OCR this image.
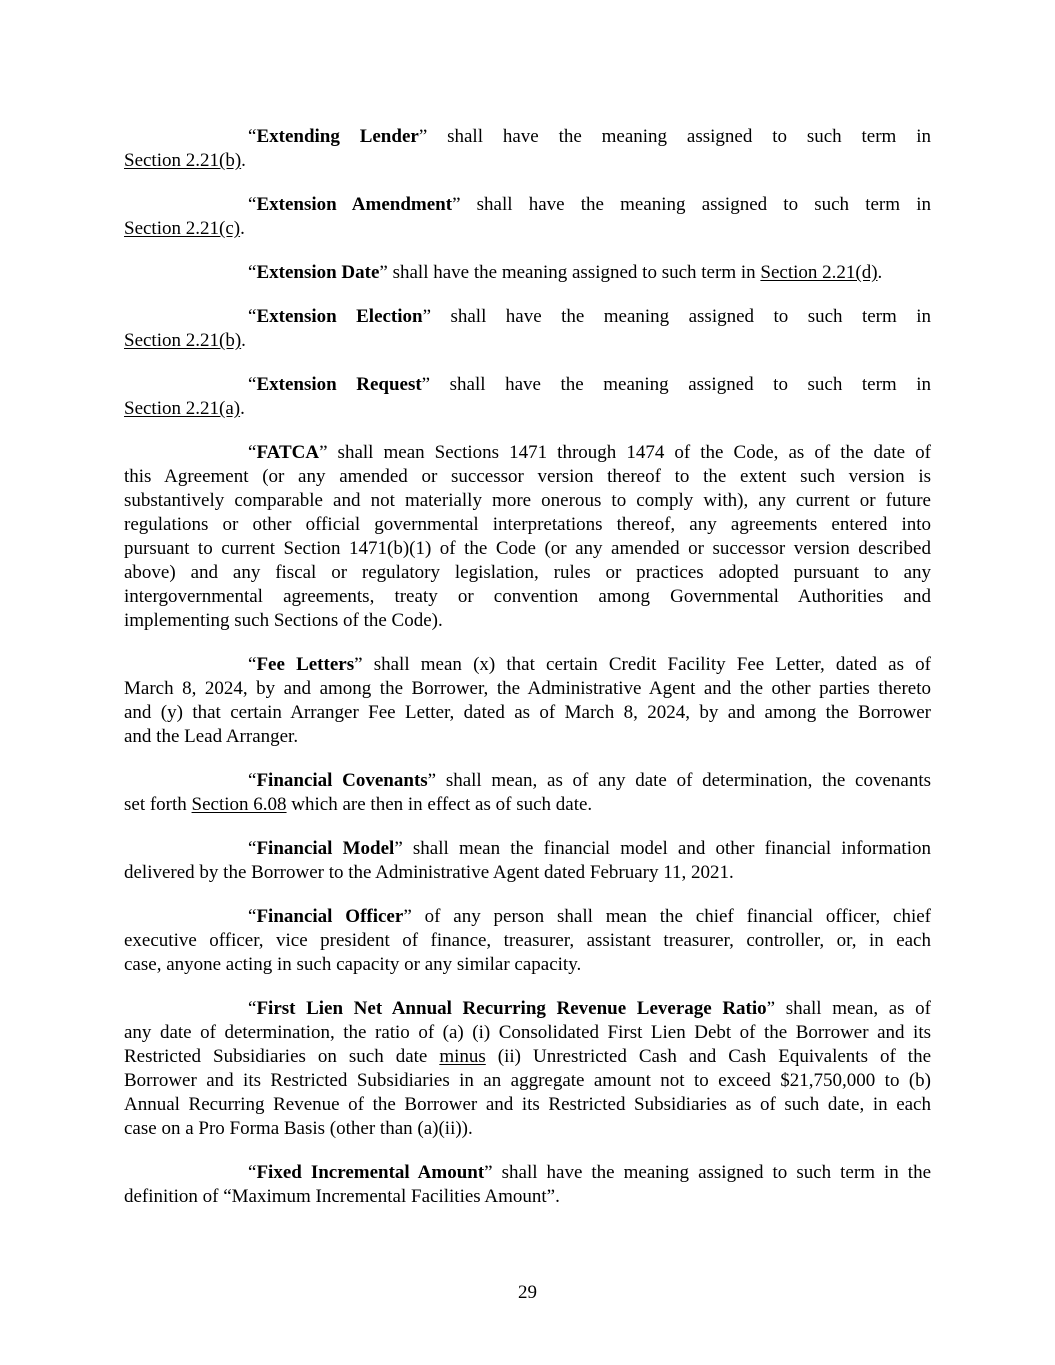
“Extending Lender” shall have the meaning assigned to such term in
Section 2.21(b).
“Extension Amendment” shall have the meaning assigned to such term in
Section 2.21(c).
“Extension Date” shall have the meaning assigned to such term in Section 2.21(d).
“Extension Election” shall have the meaning assigned to such term in
Section 2.21(b).
“Extension Request” shall have the meaning assigned to such term in
Section 2.21(a).
“FATCA” shall mean Sections 1471 through 1474 of the Code, as of the date of
this Agreement (or any amended or successor version thereof to the extent such version is
substantively comparable and not materially more onerous to comply with), any current or future
regulations or other official governmental interpretations thereof, any agreements entered into
pursuant to current Section 1471(b)(1) of the Code (or any amended or successor version described
above) and any fiscal or regulatory legislation, rules or practices adopted pursuant to any
intergovernmental agreements, treaty or convention among Governmental Authorities and
implementing such Sections of the Code).
“Fee Letters” shall mean (x) that certain Credit Facility Fee Letter, dated as of
March 8, 2024, by and among the Borrower, the Administrative Agent and the other parties thereto
and (y) that certain Arranger Fee Letter, dated as of March 8, 2024, by and among the Borrower
and the Lead Arranger.
“Financial Covenants” shall mean, as of any date of determination, the covenants
set forth Section 6.08 which are then in effect as of such date.
“Financial Model” shall mean the financial model and other financial information
delivered by the Borrower to the Administrative Agent dated February 11, 2021.
“Financial Officer” of any person shall mean the chief financial officer, chief
executive officer, vice president of finance, treasurer, assistant treasurer, controller, or, in each
case, anyone acting in such capacity or any similar capacity.
“First Lien Net Annual Recurring Revenue Leverage Ratio” shall mean, as of
any date of determination, the ratio of (a) (i) Consolidated First Lien Debt of the Borrower and its
Restricted Subsidiaries on such date minus (ii) Unrestricted Cash and Cash Equivalents of the
Borrower and its Restricted Subsidiaries in an aggregate amount not to exceed $21,750,000 to (b)
Annual Recurring Revenue of the Borrower and its Restricted Subsidiaries as of such date, in each
case on a Pro Forma Basis (other than (a)(ii)).
“Fixed Incremental Amount” shall have the meaning assigned to such term in the
definition of “Maximum Incremental Facilities Amount”.
29
